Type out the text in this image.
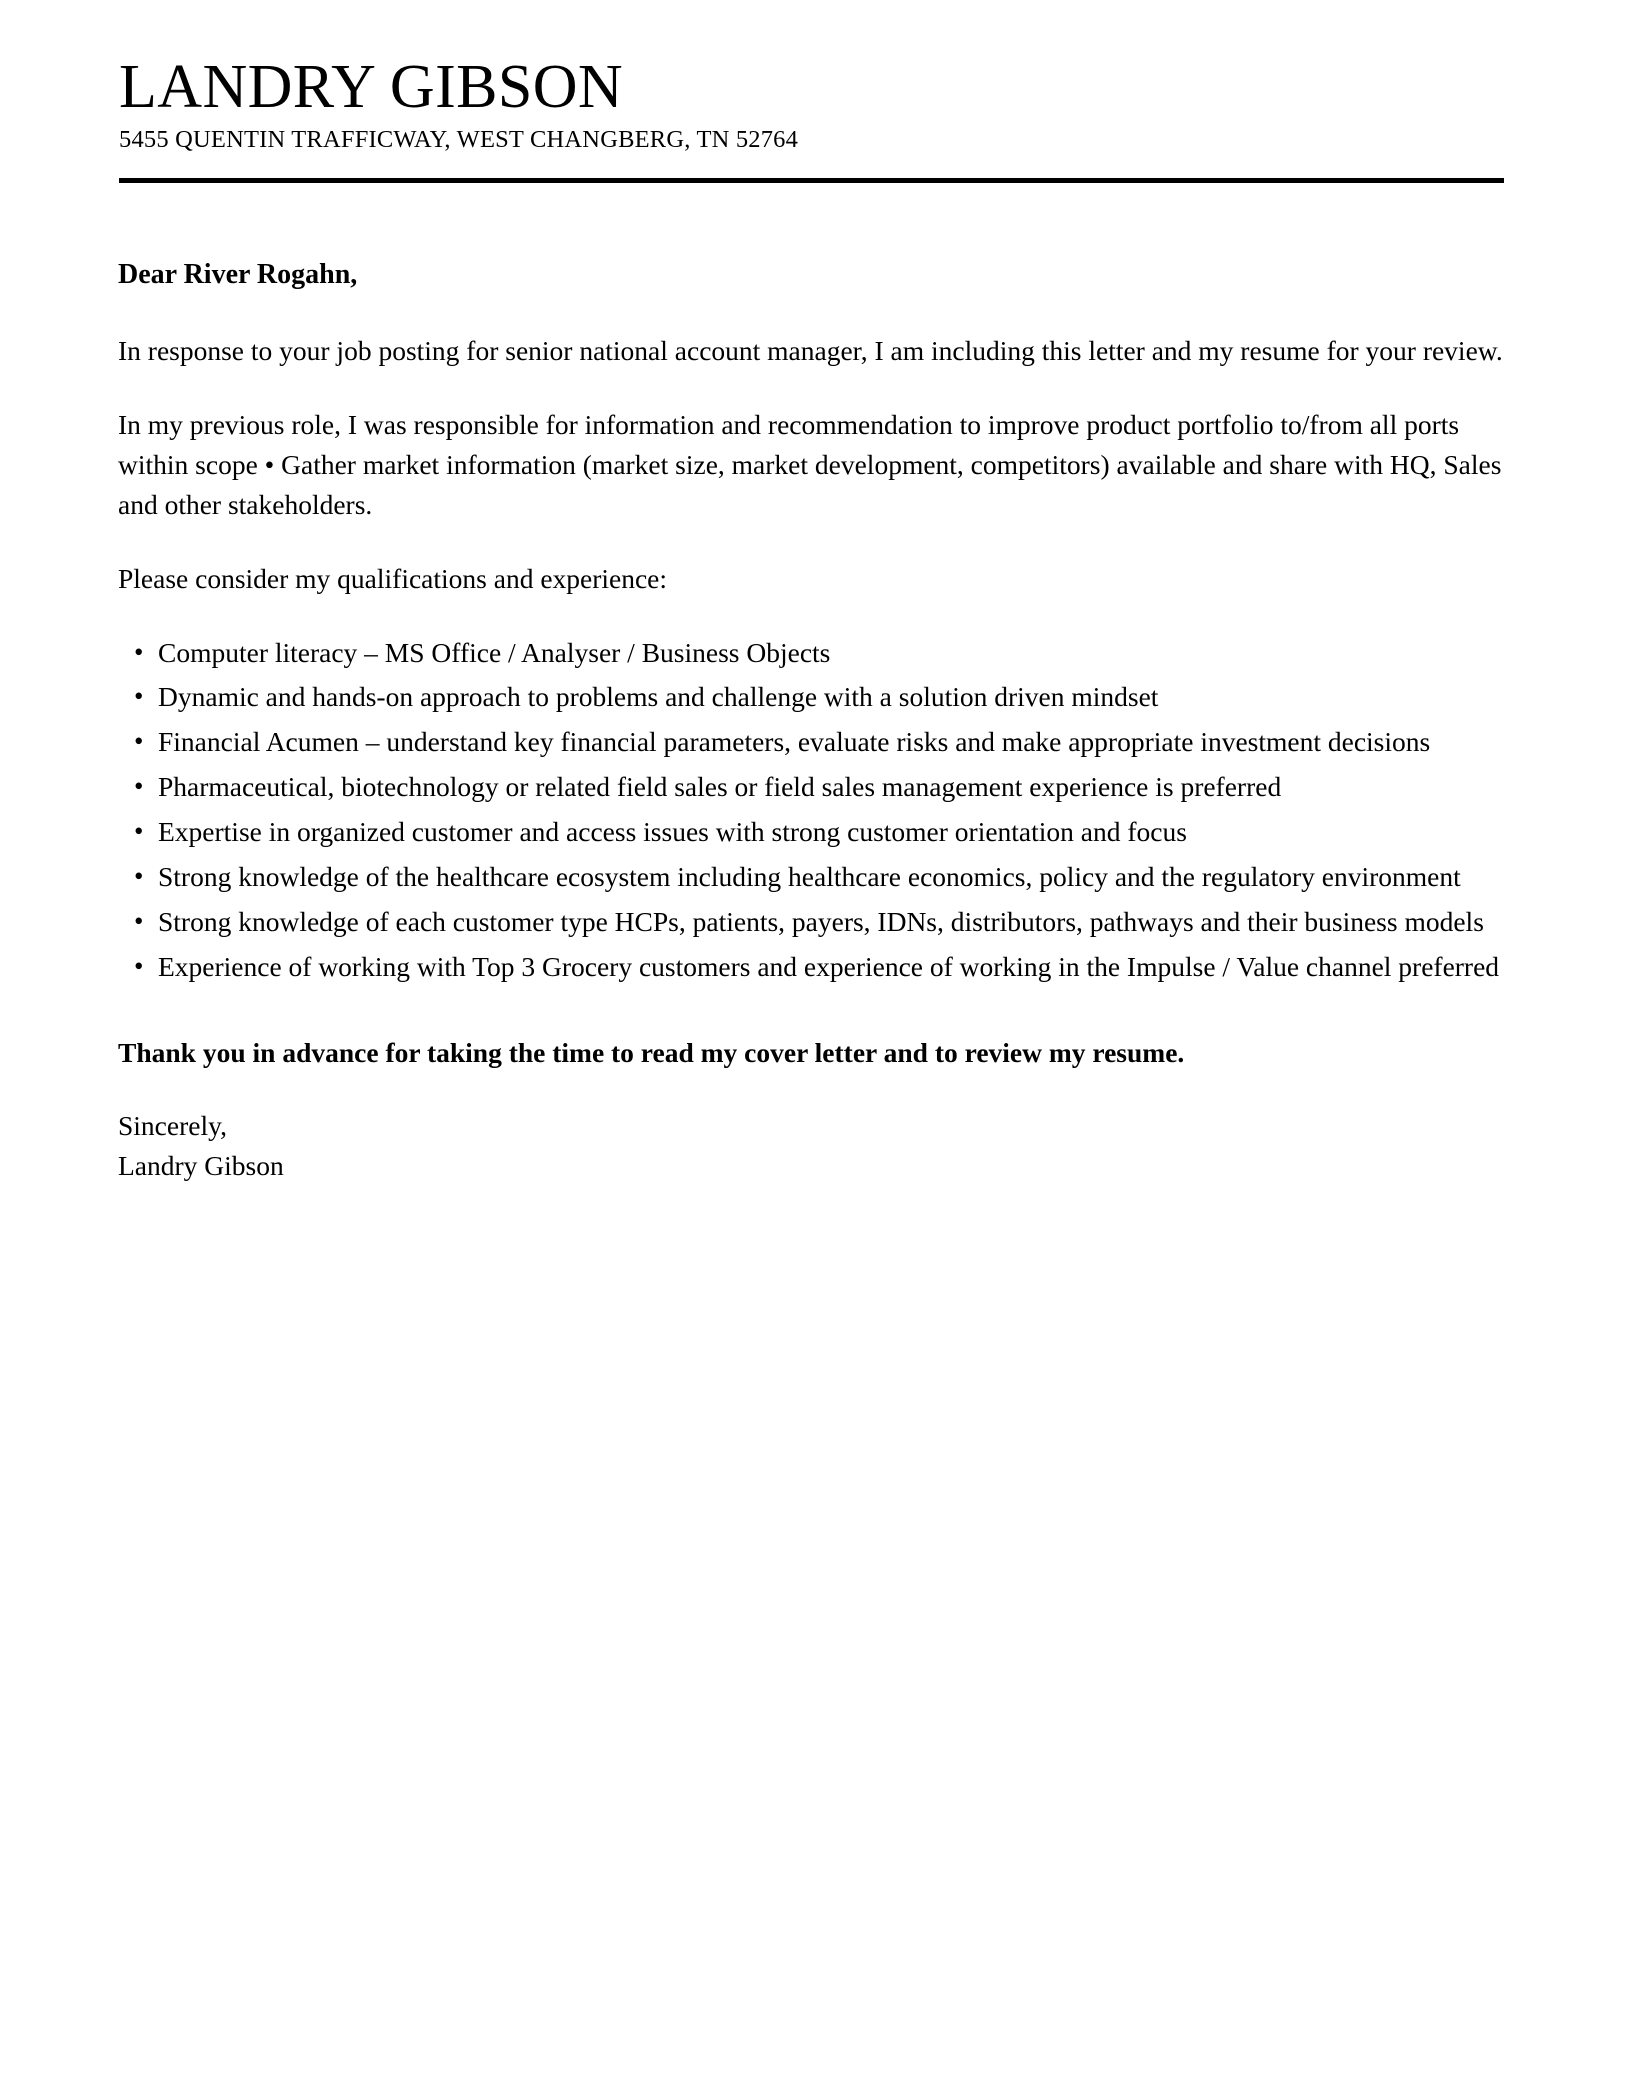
LANDRY GIBSON

5455 QUENTIN TRAFFICWAY, WEST CHANGBERG, TN 52764

Dear River Rogahn,

In response to your job posting for senior national account manager, I am including this letter and my resume for your review.

In my previous role, I was responsible for information and recommendation to improve product portfolio to/from all ports within scope • Gather market information (market size, market development, competitors) available and share with HQ, Sales and other stakeholders.

Please consider my qualifications and experience:

• Computer literacy – MS Office / Analyser / Business Objects
• Dynamic and hands-on approach to problems and challenge with a solution driven mindset
• Financial Acumen – understand key financial parameters, evaluate risks and make appropriate investment decisions
• Pharmaceutical, biotechnology or related field sales or field sales management experience is preferred
• Expertise in organized customer and access issues with strong customer orientation and focus
• Strong knowledge of the healthcare ecosystem including healthcare economics, policy and the regulatory environment
• Strong knowledge of each customer type HCPs, patients, payers, IDNs, distributors, pathways and their business models
• Experience of working with Top 3 Grocery customers and experience of working in the Impulse / Value channel preferred

Thank you in advance for taking the time to read my cover letter and to review my resume.

Sincerely,
Landry Gibson
